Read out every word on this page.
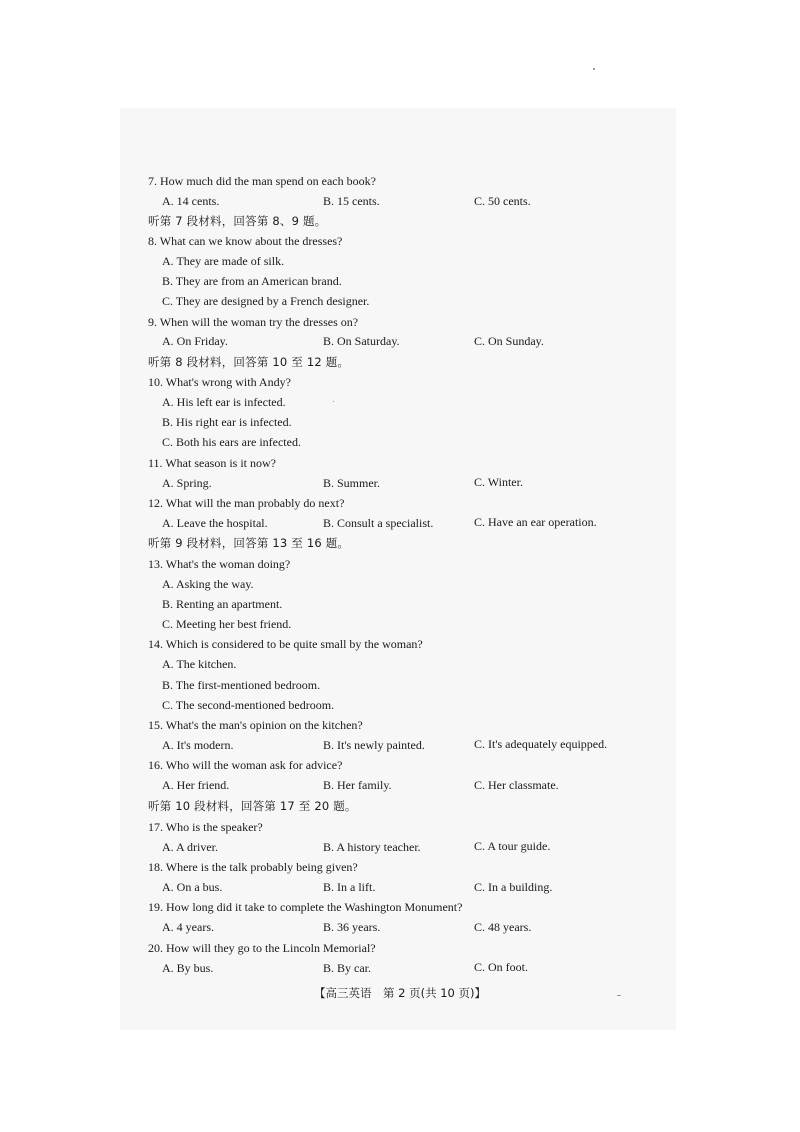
7. How much did the man spend on each book?
A. 14 cents.	B. 15 cents.	C. 50 cents.
听第 7 段材料，回答第 8、9 题。
8. What can we know about the dresses?
A. They are made of silk.
B. They are from an American brand.
C. They are designed by a French designer.
9. When will the woman try the dresses on?
A. On Friday.	B. On Saturday.	C. On Sunday.
听第 8 段材料，回答第 10 至 12 题。
10. What's wrong with Andy?
A. His left ear is infected.
B. His right ear is infected.
C. Both his ears are infected.
11. What season is it now?
A. Spring.	B. Summer.	C. Winter.
12. What will the man probably do next?
A. Leave the hospital.	B. Consult a specialist.	C. Have an ear operation.
听第 9 段材料，回答第 13 至 16 题。
13. What's the woman doing?
A. Asking the way.
B. Renting an apartment.
C. Meeting her best friend.
14. Which is considered to be quite small by the woman?
A. The kitchen.
B. The first-mentioned bedroom.
C. The second-mentioned bedroom.
15. What's the man's opinion on the kitchen?
A. It's modern.	B. It's newly painted.	C. It's adequately equipped.
16. Who will the woman ask for advice?
A. Her friend.	B. Her family.	C. Her classmate.
听第 10 段材料，回答第 17 至 20 题。
17. Who is the speaker?
A. A driver.	B. A history teacher.	C. A tour guide.
18. Where is the talk probably being given?
A. On a bus.	B. In a lift.	C. In a building.
19. How long did it take to complete the Washington Monument?
A. 4 years.	B. 36 years.	C. 48 years.
20. How will they go to the Lincoln Memorial?
A. By bus.	B. By car.	C. On foot.
【高三英语　第 2 页(共 10 页)】
